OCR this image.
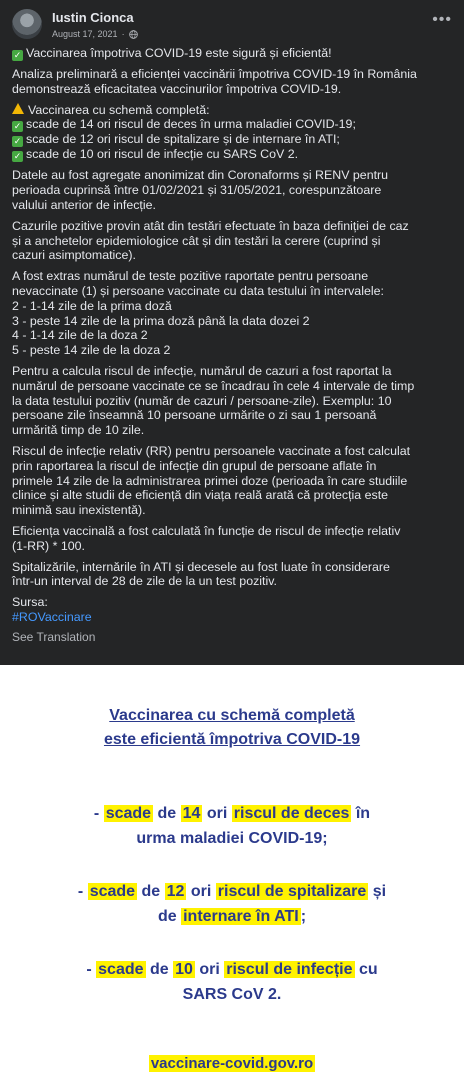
Iustin Cionca
August 17, 2021 ·
•••
✓ Vaccinarea împotriva COVID-19 este sigură și eficientă!
Analiza preliminară a eficienței vaccinării împotriva COVID-19 în România
demonstrează eficacitatea vaccinurilor împotriva COVID-19.
Vaccinarea cu schemă completă:
✓ scade de 14 ori riscul de deces în urma maladiei COVID-19;
✓ scade de 12 ori riscul de spitalizare și de internare în ATI;
✓ scade de 10 ori riscul de infecție cu SARS CoV 2.
Datele au fost agregate anonimizat din Coronaforms și RENV pentru
perioada cuprinsă între 01/02/2021 și 31/05/2021, corespunzătoare
valului anterior de infecție.
Cazurile pozitive provin atât din testări efectuate în baza definiției de caz
și a anchetelor epidemiologice cât și din testări la cerere (cuprind și
cazuri asimptomatice).
A fost extras numărul de teste pozitive raportate pentru persoane
nevaccinate (1) și persoane vaccinate cu data testului în intervalele:
2 - 1-14 zile de la prima doză
3 - peste 14 zile de la prima doză până la data dozei 2
4 - 1-14 zile de la doza 2
5 - peste 14 zile de la doza 2
Pentru a calcula riscul de infecție, numărul de cazuri a fost raportat la
numărul de persoane vaccinate ce se încadrau în cele 4 intervale de timp
la data testului pozitiv (număr de cazuri / persoane-zile). Exemplu: 10
persoane zile înseamnă 10 persoane urmărite o zi sau 1 persoană
urmărită timp de 10 zile.
Riscul de infecție relativ (RR) pentru persoanele vaccinate a fost calculat
prin raportarea la riscul de infecție din grupul de persoane aflate în
primele 14 zile de la administrarea primei doze (perioada în care studiile
clinice și alte studii de eficiență din viața reală arată că protecția este
minimă sau inexistentă).
Eficiența vaccinală a fost calculată în funcție de riscul de infecție relativ
(1-RR) * 100.
Spitalizările, internările în ATI și decesele au fost luate în considerare
într-un interval de 28 de zile de la un test pozitiv.
Sursa:
#ROVaccinare
See Translation
Vaccinarea cu schemă completă
este eficientă împotriva COVID-19
- scade de 14 ori riscul de deces în
urma maladiei COVID-19;
- scade de 12 ori riscul de spitalizare și
de internare în ATI ;
- scade de 10 ori riscul de infecție cu
SARS CoV 2.
vaccinare-covid.gov.ro
